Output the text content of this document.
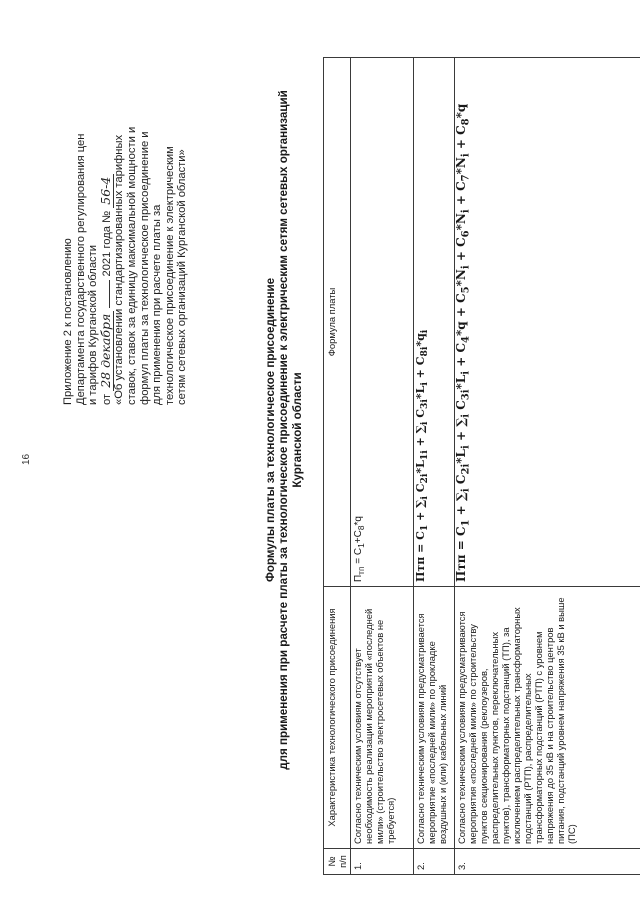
16
Приложение 2 к постановлению Департамента государственного регулирования цен и тарифов Курганской области от 28 декабря  2021 года № 56-4 «Об установлении стандартизированных тарифных ставок, ставок за единицу максимальной мощности и формул платы за технологическое присоединение и для применения при расчете платы за технологическое присоединение к электрическим сетям сетевых организаций Курганской области»
Формулы платы за технологическое присоединение для применения при расчете платы за технологическое присоединение к электрическим сетям сетевых организаций Курганской области
№ п/п	Характеристика технологического присоединения	Формула платы
1.	Согласно техническим условиям отсутствует необходимость реализации мероприятий «последней мили» (строительство электросетевых объектов не требуется)	$П_{тп} = С_1+С_8*q$
2.	Согласно техническим условиям предусматривается мероприятие «последней мили» по прокладке воздушных и (или) кабельных линий	Птп = $С_1 + \sum_i$ $С_{2i}*L_{1i} + \sum_i$ $С_{3i}*L_i + С_{8i}*q_i$
3.	Согласно техническим условиям предусматриваются мероприятия «последней мили» по строительству пунктов секционирования (реклоузеров, распределительных пунктов, переключательных пунктов), трансформаторных подстанций (ТП), за исключением распределительных трансформаторных подстанций (РТП), распределительных трансформаторных подстанций (РТП) с уровнем напряжения до 35 кВ и на строительство центров питания, подстанций уровнем напряжения 35 кВ и выше (ПС)	Птп = $С_1 + \sum_i$ $С_{2i}*L_i + \sum_i$ $С_{3i}*L_i + С_4*q + С_5*N_i + С_6*N_i + С_7*N_i + С_8*q$
